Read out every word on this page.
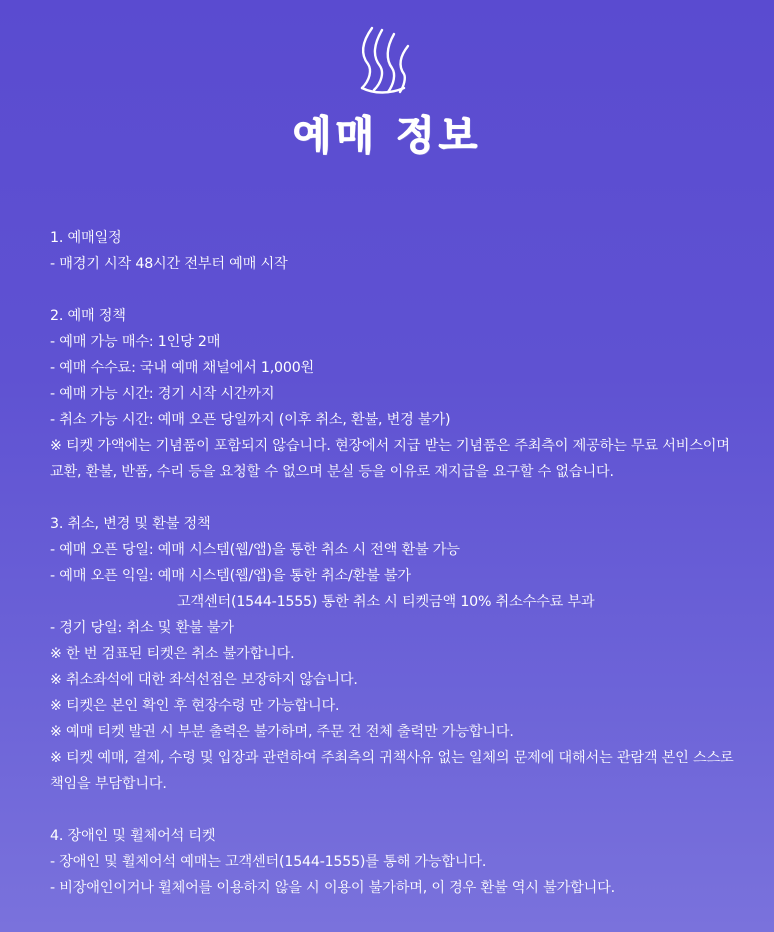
예매 정보
1. 예매일정
- 매경기 시작 48시간 전부터 예매 시작
2. 예매 정책
- 예매 가능 매수: 1인당 2매
- 예매 수수료: 국내 예매 채널에서 1,000원
- 예매 가능 시간: 경기 시작 시간까지
- 취소 가능 시간: 예매 오픈 당일까지 (이후 취소, 환불, 변경 불가)
※ 티켓 가액에는 기념품이 포함되지 않습니다. 현장에서 지급 받는 기념품은 주최측이 제공하는 무료 서비스이며 교환, 환불, 반품, 수리 등을 요청할 수 없으며 분실 등을 이유로 재지급을 요구할 수 없습니다.
3. 취소, 변경 및 환불 정책
- 예매 오픈 당일: 예매 시스템(웹/앱)을 통한 취소 시 전액 환불 가능
- 예매 오픈 익일: 예매 시스템(웹/앱)을 통한 취소/환불 불가
고객센터(1544-1555) 통한 취소 시 티켓금액 10% 취소수수료 부과
- 경기 당일: 취소 및 환불 불가
※ 한 번 검표된 티켓은 취소 불가합니다.
※ 취소좌석에 대한 좌석선점은 보장하지 않습니다.
※ 티켓은 본인 확인 후 현장수령 만 가능합니다.
※ 예매 티켓 발권 시 부분 출력은 불가하며, 주문 건 전체 출력만 가능합니다.
※ 티켓 예매, 결제, 수령 및 입장과 관련하여 주최측의 귀책사유 없는 일체의 문제에 대해서는 관람객 본인 스스로 책임을 부담합니다.
4. 장애인 및 휠체어석 티켓
- 장애인 및 휠체어석 예매는 고객센터(1544-1555)를 통해 가능합니다.
- 비장애인이거나 휠체어를 이용하지 않을 시 이용이 불가하며, 이 경우 환불 역시 불가합니다.
